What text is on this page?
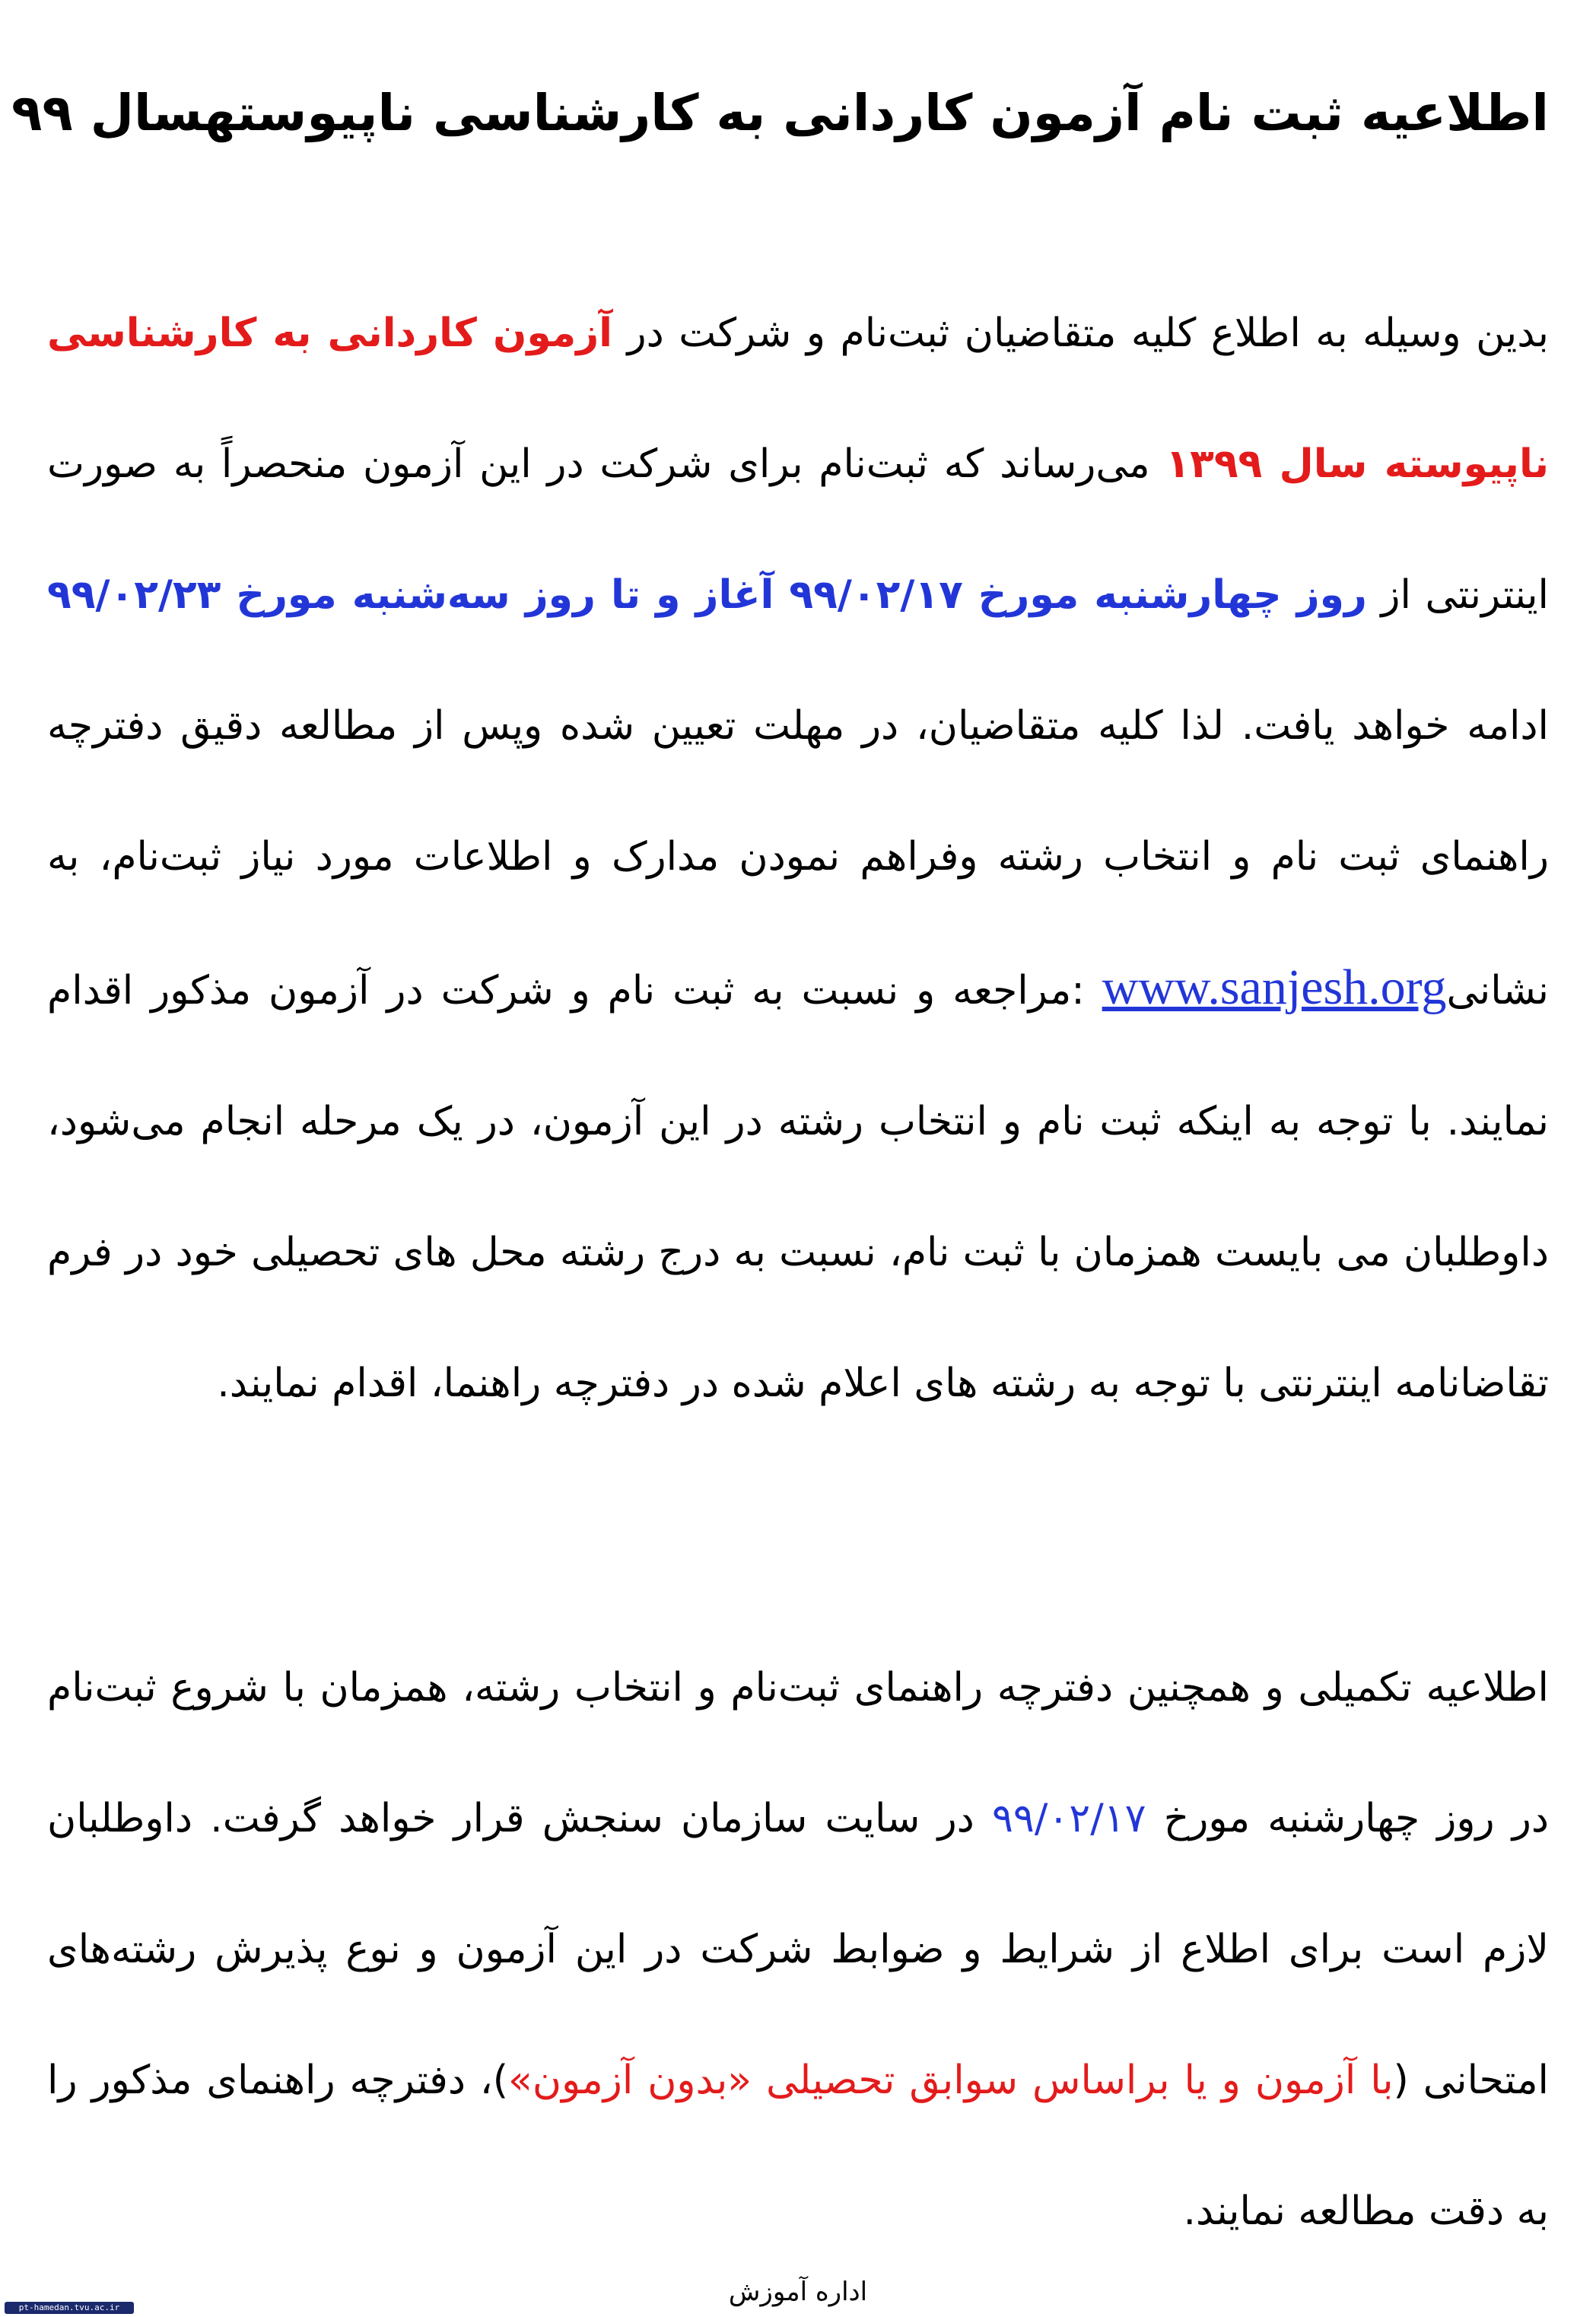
اطلاعیه ثبت نام آزمون کاردانی به کارشناسی ناپیوستهسال ۹۹

بدین وسیله به اطلاع کلیه متقاضیان ثبت‌نام و شرکت در آزمون کاردانی به کارشناسی ناپیوسته سال ۱۳۹۹ می‌رساند که ثبت‌نام برای شرکت در این آزمون منحصراً به صورت اینترنتی از روز چهارشنبه مورخ ۹۹/۰۲/۱۷ آغاز و تا روز سه‌شنبه مورخ ۹۹/۰۲/۲۳ ادامه خواهد یافت. لذا کلیه متقاضیان، در مهلت تعیین شده وپس از مطالعه دقیق دفترچه راهنمای ثبت نام و انتخاب رشته وفراهم نمودن مدارک و اطلاعات مورد نیاز ثبت‌نام، به نشانیwww.sanjesh.org :مراجعه و نسبت به ثبت نام و شرکت در آزمون مذکور اقدام نمایند. با توجه به اینکه ثبت نام و انتخاب رشته در این آزمون، در یک مرحله انجام می‌شود، داوطلبان می بایست همزمان با ثبت نام، نسبت به درج رشته محل های تحصیلی خود در فرم تقاضانامه اینترنتی با توجه به رشته های اعلام شده در دفترچه راهنما، اقدام نمایند.

اطلاعیه تکمیلی و همچنین دفترچه راهنمای ثبت‌نام و انتخاب رشته، همزمان با شروع ثبت‌نام در روز چهارشنبه مورخ ۹۹/۰۲/۱۷ در سایت سازمان سنجش قرار خواهد گرفت. داوطلبان لازم است برای اطلاع از شرایط و ضوابط شرکت در این آزمون و نوع پذیرش رشته‌های امتحانی (با آزمون و یا براساس سوابق تحصیلی «بدون آزمون»)، دفترچه راهنمای مذکور را به دقت مطالعه نمایند.

اداره آموزش
pt-hamedan.tvu.ac.ir
